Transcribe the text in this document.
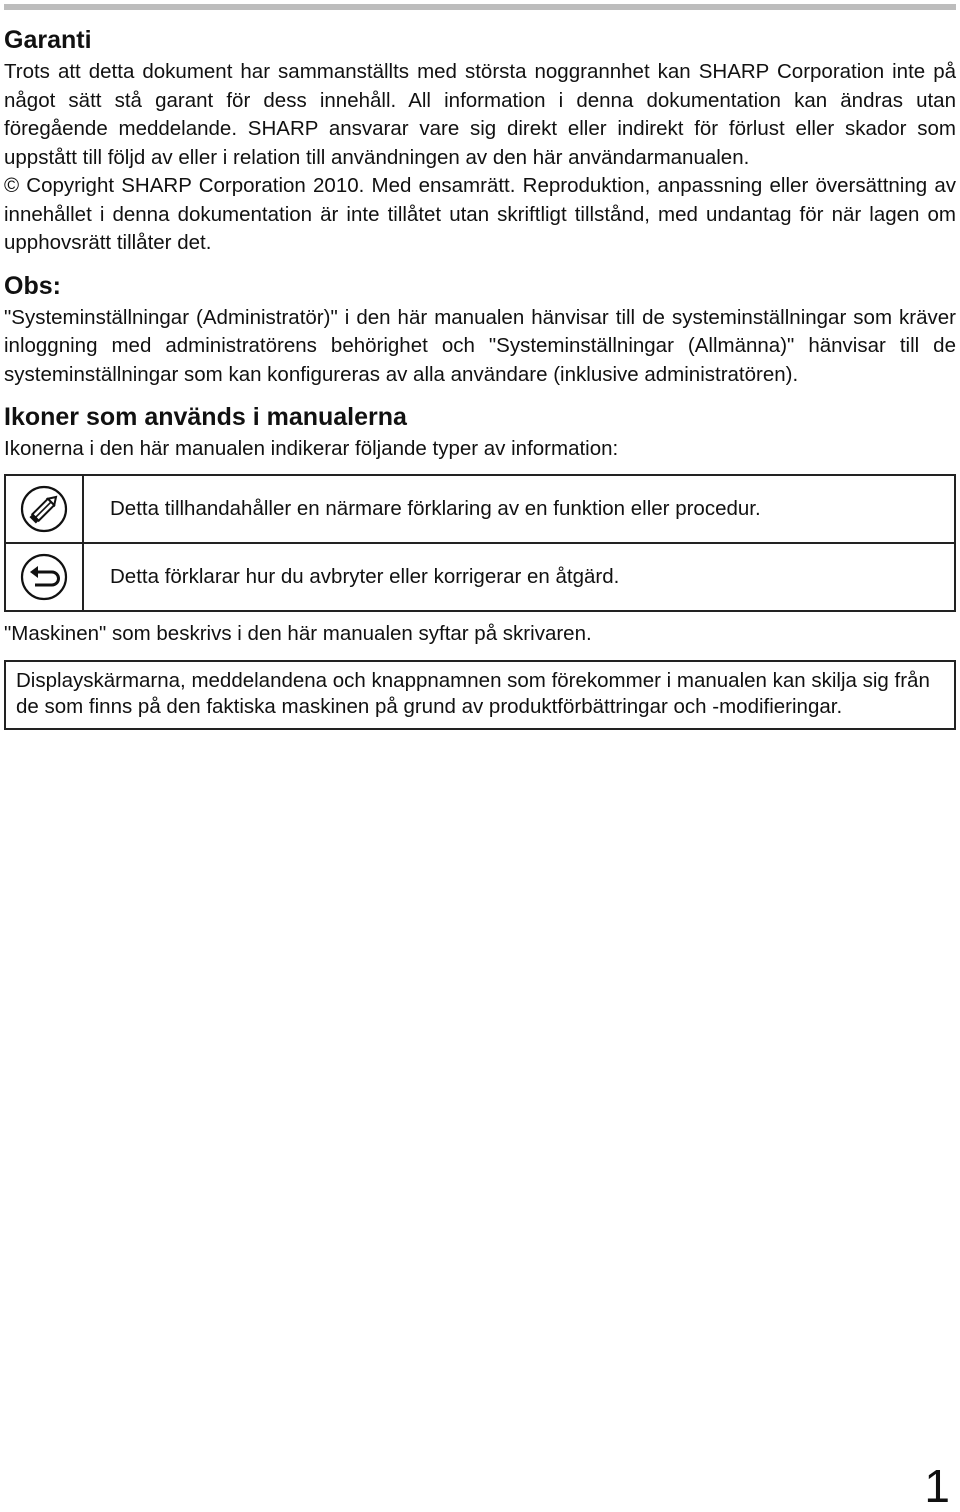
Garanti

Trots att detta dokument har sammanställts med största noggrannhet kan SHARP Corporation inte på något sätt stå garant för dess innehåll. All information i denna dokumentation kan ändras utan föregående meddelande. SHARP ansvarar vare sig direkt eller indirekt för förlust eller skador som uppstått till följd av eller i relation till användningen av den här användarmanualen.

© Copyright SHARP Corporation 2010. Med ensamrätt. Reproduktion, anpassning eller översättning av innehållet i denna dokumentation är inte tillåtet utan skriftligt tillstånd, med undantag för när lagen om upphovsrätt tillåter det.

Obs:

"Systeminställningar (Administratör)" i den här manualen hänvisar till de systeminställningar som kräver inloggning med administratörens behörighet och "Systeminställningar (Allmänna)" hänvisar till de systeminställningar som kan konfigureras av alla användare (inklusive administratören).

Ikoner som används i manualerna

Ikonerna i den här manualen indikerar följande typer av information:

	Detta tillhandahåller en närmare förklaring av en funktion eller procedur.

	Detta förklarar hur du avbryter eller korrigerar en åtgärd.

"Maskinen" som beskrivs i den här manualen syftar på skrivaren.

Displayskärmarna, meddelandena och knappnamnen som förekommer i manualen kan skilja sig från de som finns på den faktiska maskinen på grund av produktförbättringar och -modifieringar.
1
